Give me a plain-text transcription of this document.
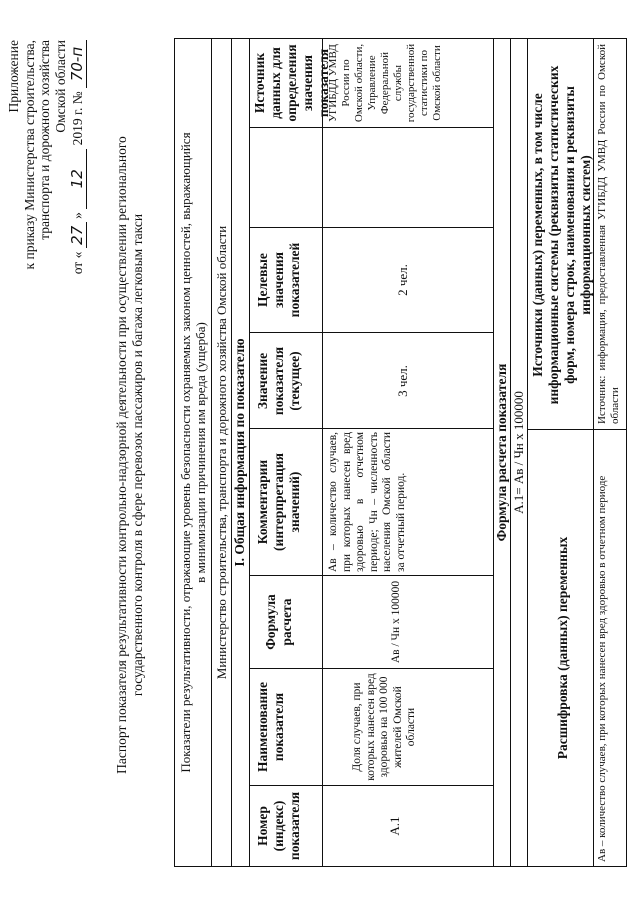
Приложение к приказу Министерства строительства, транспорта и дорожного хозяйства Омской области
от « 27 » 12 2019 г. № 70-п
Паспорт показателя результативности контрольно-надзорной деятельности при осуществлении регионального государственного контроля в сфере перевозок пассажиров и багажа легковым такси	Показатели результативности, отражающие уровень безопасности охраняемых законом ценностей, выражающийся в минимизации причинения им вреда (ущерба) Министерство строительства, транспорта и дорожного хозяйства Омской области I. Общая информация по показателю
Номер (индекс) показателя
Наименование показателя
Формула расчета
Комментарии (интерпретация значений)
Значение показателя (текущее)
Целевые значения показателей
Источник данных для определения значения показателя
А.1
Доля случаев, при которых нанесен вред здоровью на 100 000 жителей Омской области
Ав / Чн х 100000
Ав – количество случаев, при которых нанесен вред здоровью в отчетном периоде; Чн – численность населения Омской области за отчетный период.
3 чел.
2 чел.
УГИБДД УМВД России по Омской области, Управление Федеральной службы государственной статистики по Омской области
Формула расчета показателя А.1= Ав / Чн х 100000
Расшифровка (данных) переменных
Источники (данных) переменных, в том числе информационные системы (реквизиты статистических форм, номера строк, наименования и реквизиты информационных систем)
Ав – количество случаев, при которых нанесен вред здоровью в отчетном периоде
Источник: информация, предоставленная УГИБДД УМВД России по Омской области
